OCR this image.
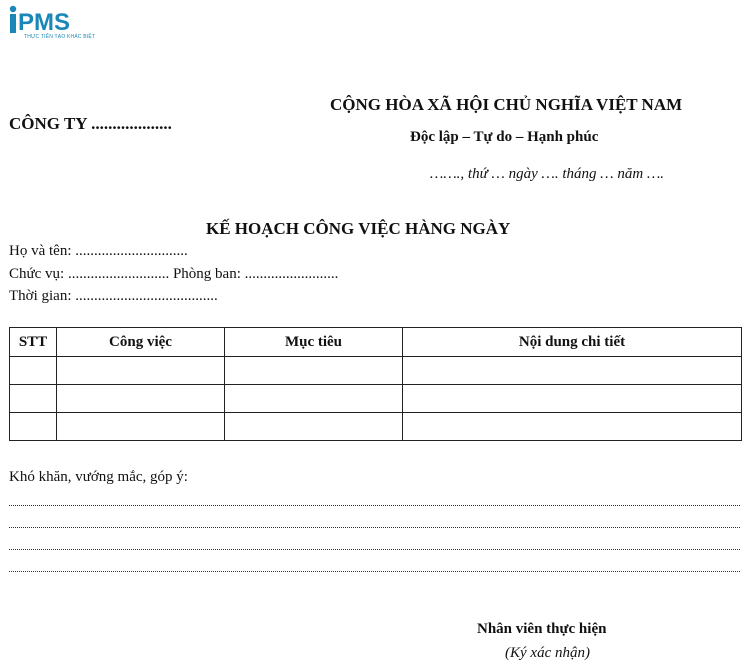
PMS
THỰC TIỄN TẠO KHÁC BIỆT
CÔNG TY ...................
CỘNG HÒA XÃ HỘI CHỦ NGHĨA VIỆT NAM
Độc lập – Tự do – Hạnh phúc
……., thứ … ngày …. tháng … năm ….
KẾ HOẠCH CÔNG VIỆC HÀNG NGÀY
Họ và tên: ..............................
Chức vụ: ........................... Phòng ban: .........................
Thời gian: ......................................
STT	Công việc	Mục tiêu	Nội dung chi tiết

Khó khăn, vướng mắc, góp ý:
Nhân viên thực hiện
(Ký xác nhận)
